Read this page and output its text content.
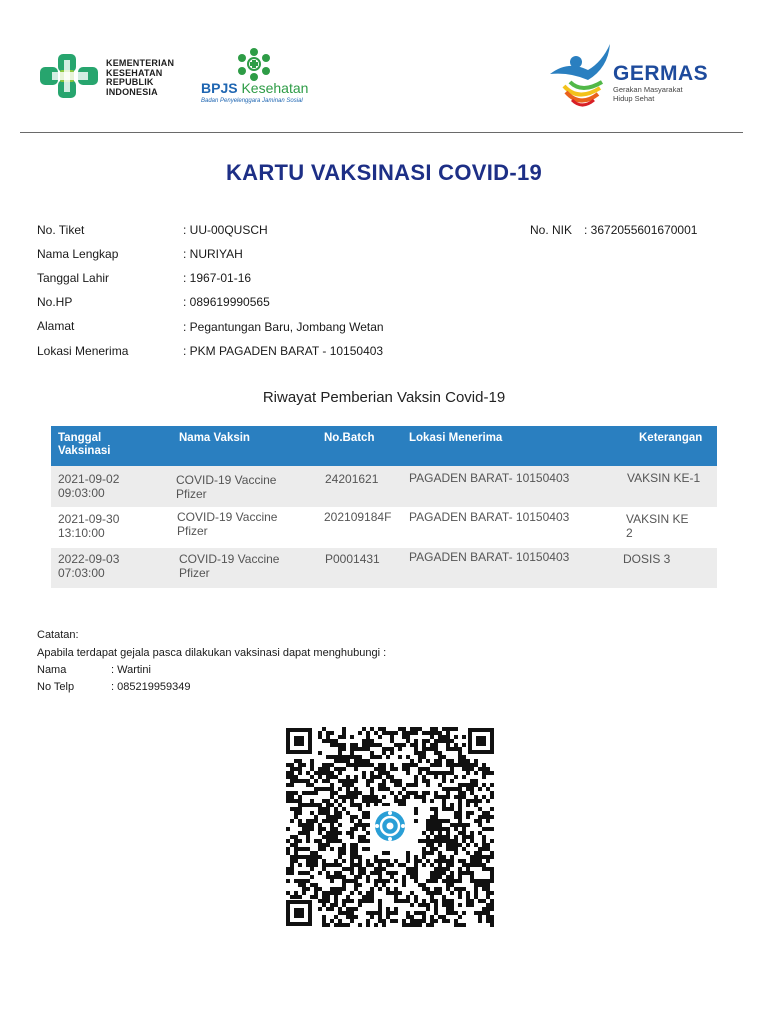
KEMENTERIAN
KESEHATAN
REPUBLIK
INDONESIA	BPJS Kesehatan
Badan Penyelenggara Jaminan Sosial
GERMAS
Gerakan Masyarakat
Hidup Sehat
KARTU VAKSINASI COVID-19
No. Tiket	: UU-00QUSCH	No. NIK : 3672055601670001
Nama Lengkap	: NURIYAH
Tanggal Lahir	: 1967-01-16
No.HP	: 089619990565
Alamat	: Pegantungan Baru, Jombang Wetan
Lokasi Menerima	: PKM PAGADEN BARAT - 10150403
Riwayat Pemberian Vaksin Covid-19
Tanggal
Vaksinasi
Nama Vaksin	No.Batch	Lokasi Menerima	Keterangan
2021-09-02
09:03:00
COVID-19 Vaccine
Pfizer
24201621	PAGADEN BARAT- 10150403	VAKSIN KE-1
2021-09-30
13:10:00
COVID-19 Vaccine
Pfizer
202109184F PAGADEN BARAT- 10150403	VAKSIN KE
2
2022-09-03
07:03:00
COVID-19 Vaccine
Pfizer
P0001431 PAGADEN BARAT- 10150403	DOSIS 3
Catatan:
Apabila terdapat gejala pasca dilakukan vaksinasi dapat menghubungi :
Nama	: Wartini
No Telp	: 085219959349
